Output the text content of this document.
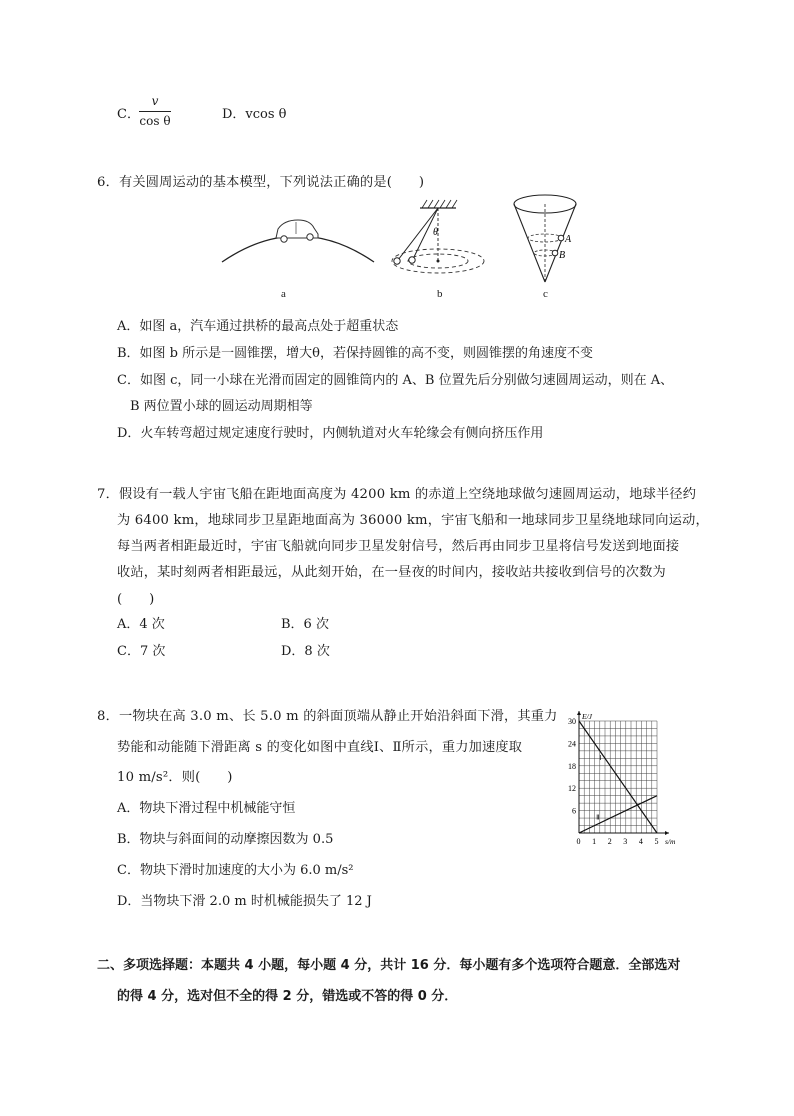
C．
v
cos θ	D．vcos θ
6．有关圆周运动的基本模型，下列说法正确的是(　　)
a
θ
b
A
B
c
A．如图 a，汽车通过拱桥的最高点处于超重状态
B．如图 b 所示是一圆锥摆，增大θ，若保持圆锥的高不变，则圆锥摆的角速度不变
C．如图 c，同一小球在光滑而固定的圆锥筒内的 A、B 位置先后分别做匀速圆周运动，则在 A、
B 两位置小球的圆运动周期相等
D．火车转弯超过规定速度行驶时，内侧轨道对火车轮缘会有侧向挤压作用
7．假设有一载人宇宙飞船在距地面高度为 4200 km 的赤道上空绕地球做匀速圆周运动，地球半径约
为 6400 km，地球同步卫星距地面高为 36000 km，宇宙飞船和一地球同步卫星绕地球同向运动，
每当两者相距最近时，宇宙飞船就向同步卫星发射信号，然后再由同步卫星将信号发送到地面接
收站，某时刻两者相距最远，从此刻开始，在一昼夜的时间内，接收站共接收到信号的次数为
(　　)
A．4 次	B．6 次
C．7 次	D．8 次
8．一物块在高 3.0 m、长 5.0 m 的斜面顶端从静止开始沿斜面下滑，其重力
势能和动能随下滑距离 s 的变化如图中直线Ⅰ、Ⅱ所示，重力加速度取
10 m/s²．则(　　)
A．物块下滑过程中机械能守恒
B．物块与斜面间的动摩擦因数为 0.5
C．物块下滑时加速度的大小为 6.0 m/s²
D．当物块下滑 2.0 m 时机械能损失了 12 J
0 1 2 3 4 5
6
12
18
24
30
E/J
s/m
Ⅰ
Ⅱ
二、多项选择题：本题共 4 小题，每小题 4 分，共计 16 分．每小题有多个选项符合题意．全部选对
的得 4 分，选对但不全的得 2 分，错选或不答的得 0 分．
